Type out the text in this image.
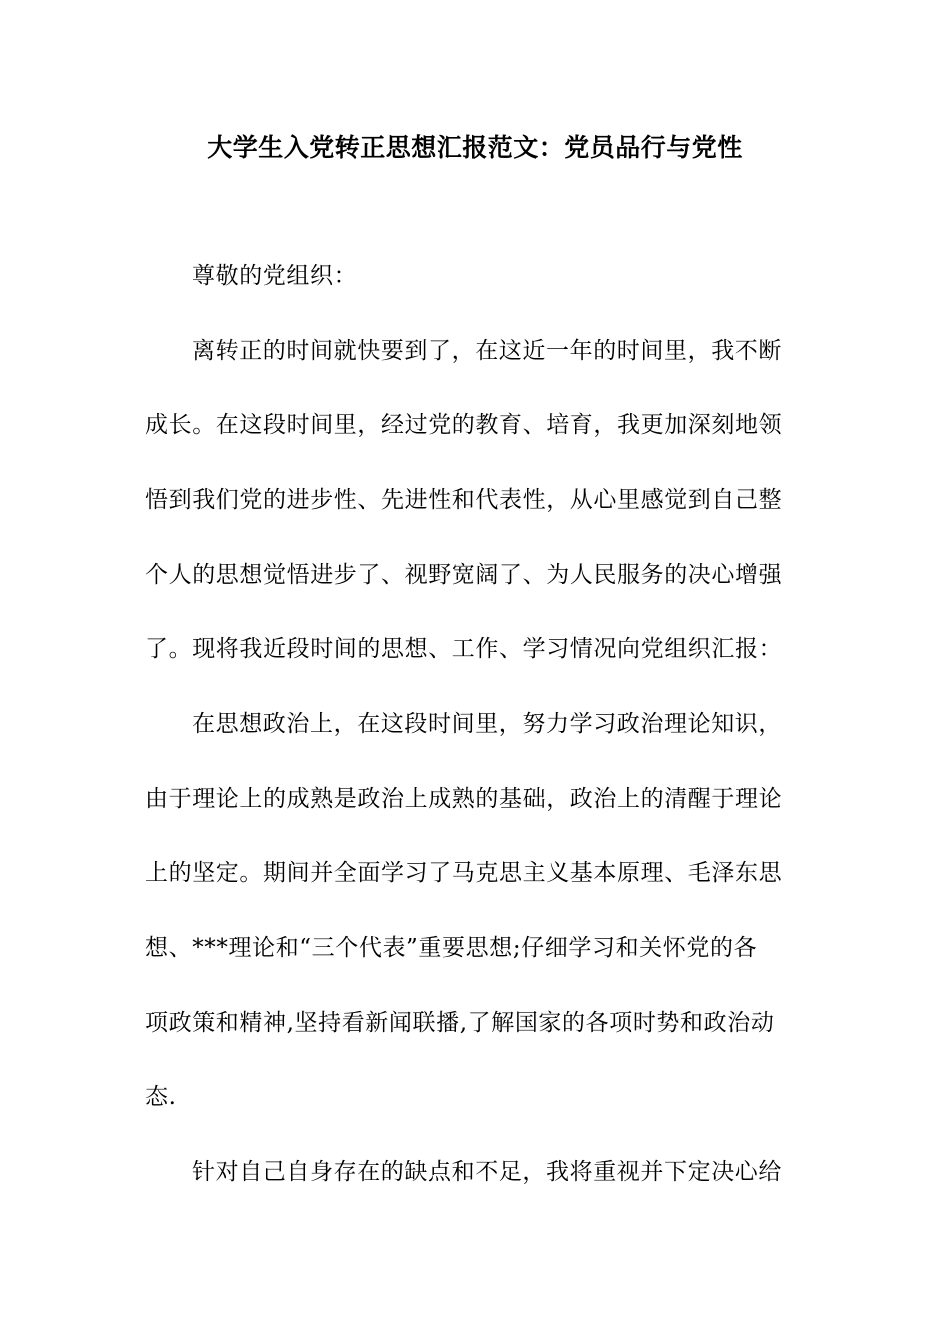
大学生入党转正思想汇报范文：党员品行与党性
尊敬的党组织：
离转正的时间就快要到了，在这近一年的时间里，我不断
成长。在这段时间里，经过党的教育、培育，我更加深刻地领
悟到我们党的进步性、先进性和代表性，从心里感觉到自己整
个人的思想觉悟进步了、视野宽阔了、为人民服务的决心增强
了。现将我近段时间的思想、工作、学习情况向党组织汇报：
在思想政治上，在这段时间里，努力学习政治理论知识，
由于理论上的成熟是政治上成熟的基础，政治上的清醒于理论
上的坚定。期间并全面学习了马克思主义基本原理、毛泽东思
想、***理论和“三个代表”重要思想;仔细学习和关怀党的各
项政策和精神,坚持看新闻联播,了解国家的各项时势和政治动
态.
针对自己自身存在的缺点和不足，我将重视并下定决心给
